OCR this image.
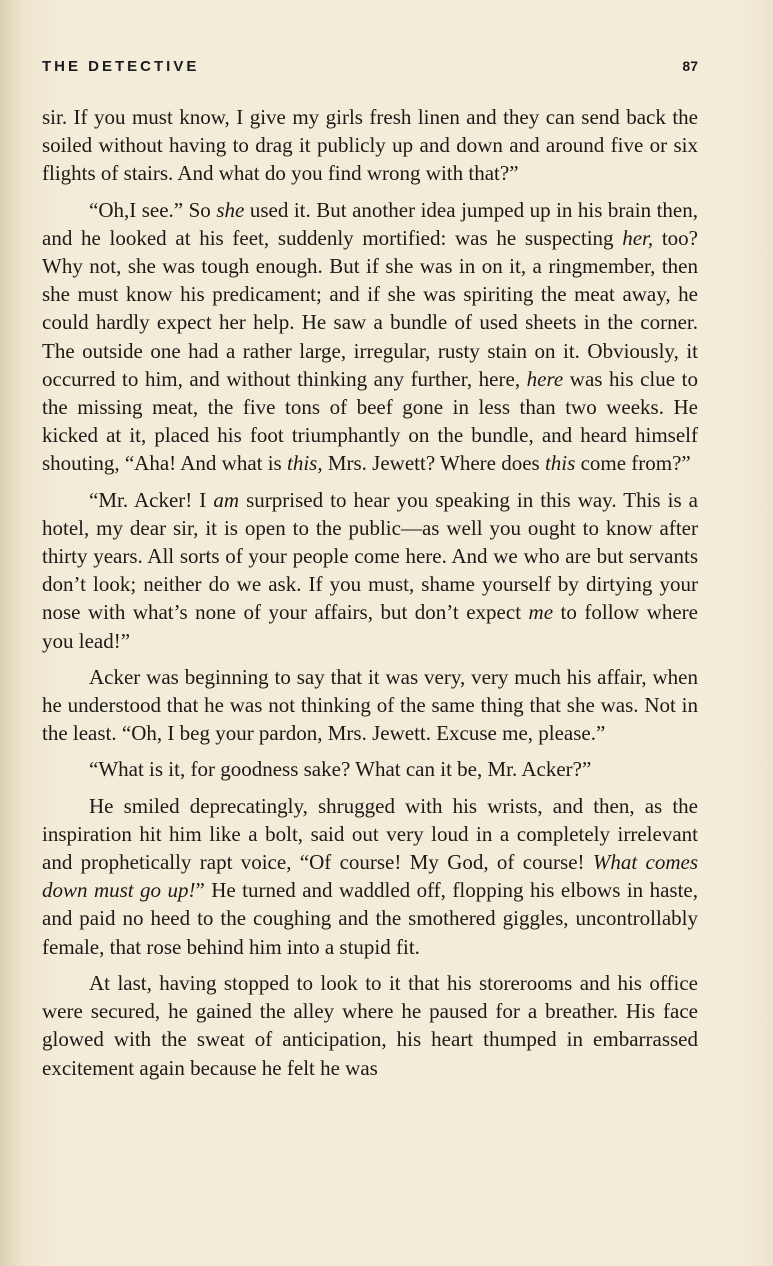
THE DETECTIVE	87

sir. If you must know, I give my girls fresh linen and they can send back the soiled without having to drag it publicly up and down and around five or six flights of stairs. And what do you find wrong with that?”

“Oh,I see.” So she used it. But another idea jumped up in his brain then, and he looked at his feet, suddenly mortified: was he suspecting her, too? Why not, she was tough enough. But if she was in on it, a ringmember, then she must know his predicament; and if she was spiriting the meat away, he could hardly expect her help. He saw a bundle of used sheets in the corner. The outside one had a rather large, irregular, rusty stain on it. Obviously, it occurred to him, and without thinking any further, here, here was his clue to the missing meat, the five tons of beef gone in less than two weeks. He kicked at it, placed his foot triumphantly on the bundle, and heard himself shouting, “Aha! And what is this, Mrs. Jewett? Where does this come from?”

“Mr. Acker! I am surprised to hear you speaking in this way. This is a hotel, my dear sir, it is open to the public—as well you ought to know after thirty years. All sorts of your people come here. And we who are but servants don’t look; neither do we ask. If you must, shame yourself by dirtying your nose with what’s none of your affairs, but don’t expect me to follow where you lead!”

Acker was beginning to say that it was very, very much his affair, when he understood that he was not thinking of the same thing that she was. Not in the least. “Oh, I beg your pardon, Mrs. Jewett. Excuse me, please.”

“What is it, for goodness sake? What can it be, Mr. Acker?”

He smiled deprecatingly, shrugged with his wrists, and then, as the inspiration hit him like a bolt, said out very loud in a completely irrelevant and prophetically rapt voice, “Of course! My God, of course! What comes down must go up!” He turned and waddled off, flopping his elbows in haste, and paid no heed to the coughing and the smothered giggles, uncontrollably female, that rose behind him into a stupid fit.

At last, having stopped to look to it that his storerooms and his office were secured, he gained the alley where he paused for a breather. His face glowed with the sweat of anticipation, his heart thumped in embarrassed excitement again because he felt he was
